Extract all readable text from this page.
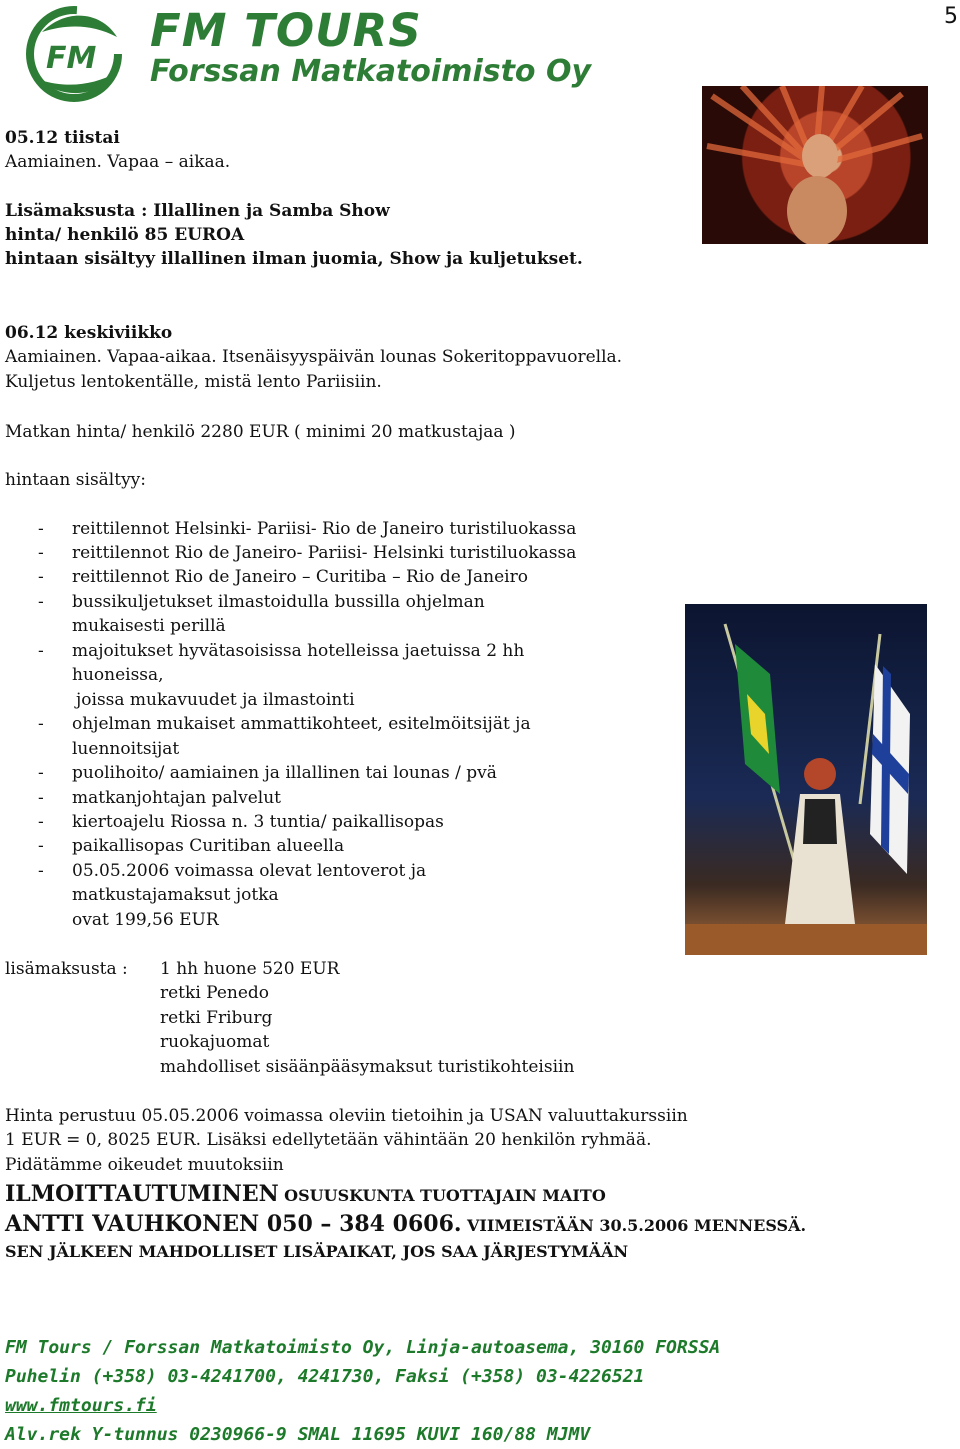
5
FM
FM TOURS
Forssan Matkatoimisto Oy
05.12 tiistai
Aamiainen. Vapaa – aikaa.
Lisämaksusta : Illallinen ja Samba Show
hinta/ henkilö 85 EUROA
hintaan sisältyy illallinen ilman juomia, Show ja kuljetukset.
06.12 keskiviikko
Aamiainen. Vapaa-aikaa. Itsenäisyyspäivän lounas Sokeritoppavuorella.
Kuljetus lentokentälle, mistä lento Pariisiin.
Matkan hinta/ henkilö 2280 EUR ( minimi 20 matkustajaa )
hintaan sisältyy:
- reittilennot Helsinki- Pariisi- Rio de Janeiro turistiluokassa
- reittilennot Rio de Janeiro- Pariisi- Helsinki turistiluokassa
- reittilennot Rio de Janeiro – Curitiba – Rio de Janeiro
- bussikuljetukset ilmastoidulla bussilla ohjelman
mukaisesti perillä
- majoitukset hyvätasoisissa hotelleissa jaetuissa 2 hh
huoneissa,
joissa mukavuudet ja ilmastointi
- ohjelman mukaiset ammattikohteet, esitelmöitsijät ja
luennoitsijat
- puolihoito/ aamiainen ja illallinen tai lounas / pvä
- matkanjohtajan palvelut
- kiertoajelu Riossa n. 3 tuntia/ paikallisopas
- paikallisopas Curitiban alueella
- 05.05.2006 voimassa olevat lentoverot ja
matkustajamaksut jotka
ovat 199,56 EUR
lisämaksusta : 1 hh huone 520 EUR
retki Penedo
retki Friburg
ruokajuomat
mahdolliset sisäänpääsymaksut turistikohteisiin
Hinta perustuu 05.05.2006 voimassa oleviin tietoihin ja USAN valuuttakurssiin
1 EUR = 0, 8025 EUR. Lisäksi edellytetään vähintään 20 henkilön ryhmää.
Pidätämme oikeudet muutoksiin
ILMOITTAUTUMINEN OSUUSKUNTA TUOTTAJAIN MAITO
ANTTI VAUHKONEN 050 – 384 0606. VIIMEISTÄÄN 30.5.2006 MENNESSÄ.
SEN JÄLKEEN MAHDOLLISET LISÄPAIKAT, JOS SAA JÄRJESTYMÄÄN
FM Tours / Forssan Matkatoimisto Oy, Linja-autoasema, 30160 FORSSA
Puhelin (+358) 03-4241700, 4241730, Faksi (+358) 03-4226521
www.fmtours.fi
Alv.rek Y-tunnus 0230966-9 SMAL 11695 KUVI 160/88 MJMV
